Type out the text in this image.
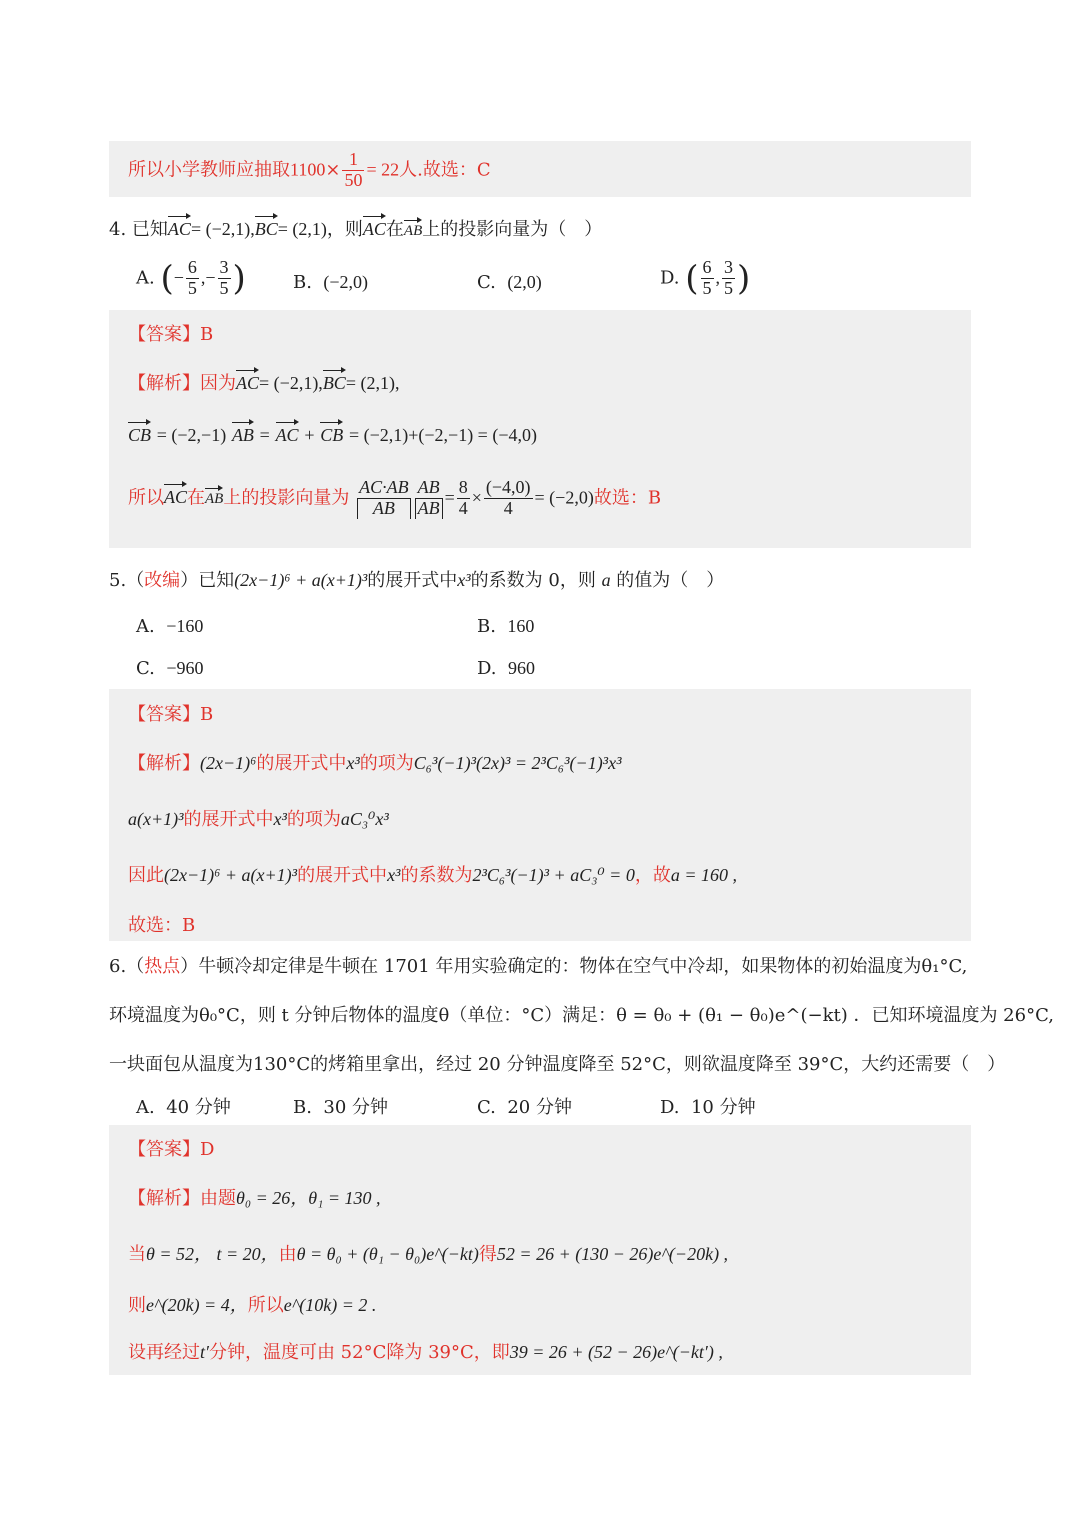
所以小学教师应抽取$1100\times \frac{1}{50} = 22$人.故选：C
4. 已知AC= (−2,1),BC= (2,1)，则AC在AB上的投影向量为（　）
A. (− $\frac{6}{5}$ ,− $\frac{3}{5}$ )	B. (−2,0)	C. (2,0)	D. ( $\frac{6}{5}$ , $\frac{3}{5}$ )
【答案】B
【解析】因为AC= (−2,1),BC= (2,1),
CB = (−2,−1) AB = AC + CB = (−2,1)+(−2,−1) = (−4,0)
所以AC在AB上的投影向量为 $\frac{AC\cdot AB}{AB} \frac{AB}{AB} = \frac{8}{4} \times \frac{(-4,0)}{4} = (-2,0)$故选：B
5.（改编）已知(2x−1)⁶ + a(x+1)³的展开式中x³的系数为 0，则 a 的值为（　）
A. −160	B. 160
C. −960	D. 960
【答案】B
【解析】(2x−1)⁶的展开式中x³的项为C₆³(−1)³(2x)³ = 2³C₆³(−1)³x³
a(x+1)³的展开式中x³的项为aC₃⁰x³
因此(2x−1)⁶ + a(x+1)³的展开式中x³的系数为2³C₆³(−1)³ + aC₃⁰ = 0，故a = 160 ,
故选：B
6.（热点）牛顿冷却定律是牛顿在 1701 年用实验确定的：物体在空气中冷却，如果物体的初始温度为θ₁°C,
环境温度为θ₀°C，则 t 分钟后物体的温度θ（单位：°C）满足：θ = θ₀ + (θ₁ − θ₀)e^(−kt) ．已知环境温度为 26°C,
一块面包从温度为130°C的烤箱里拿出，经过 20 分钟温度降至 52°C，则欲温度降至 39°C，大约还需要（　）
A. 40 分钟	B. 30 分钟	C. 20 分钟	D. 10 分钟
【答案】D
【解析】由题θ₀ = 26，θ₁ = 130 ,
当θ = 52， t = 20，由θ = θ₀ + (θ₁ − θ₀)e^(−kt)得52 = 26 + (130 − 26)e^(−20k) ,
则e^(20k) = 4，所以e^(10k) = 2 .
设再经过t′分钟，温度可由 52°C降为 39°C，即39 = 26 + (52 − 26)e^(−kt′) ,
